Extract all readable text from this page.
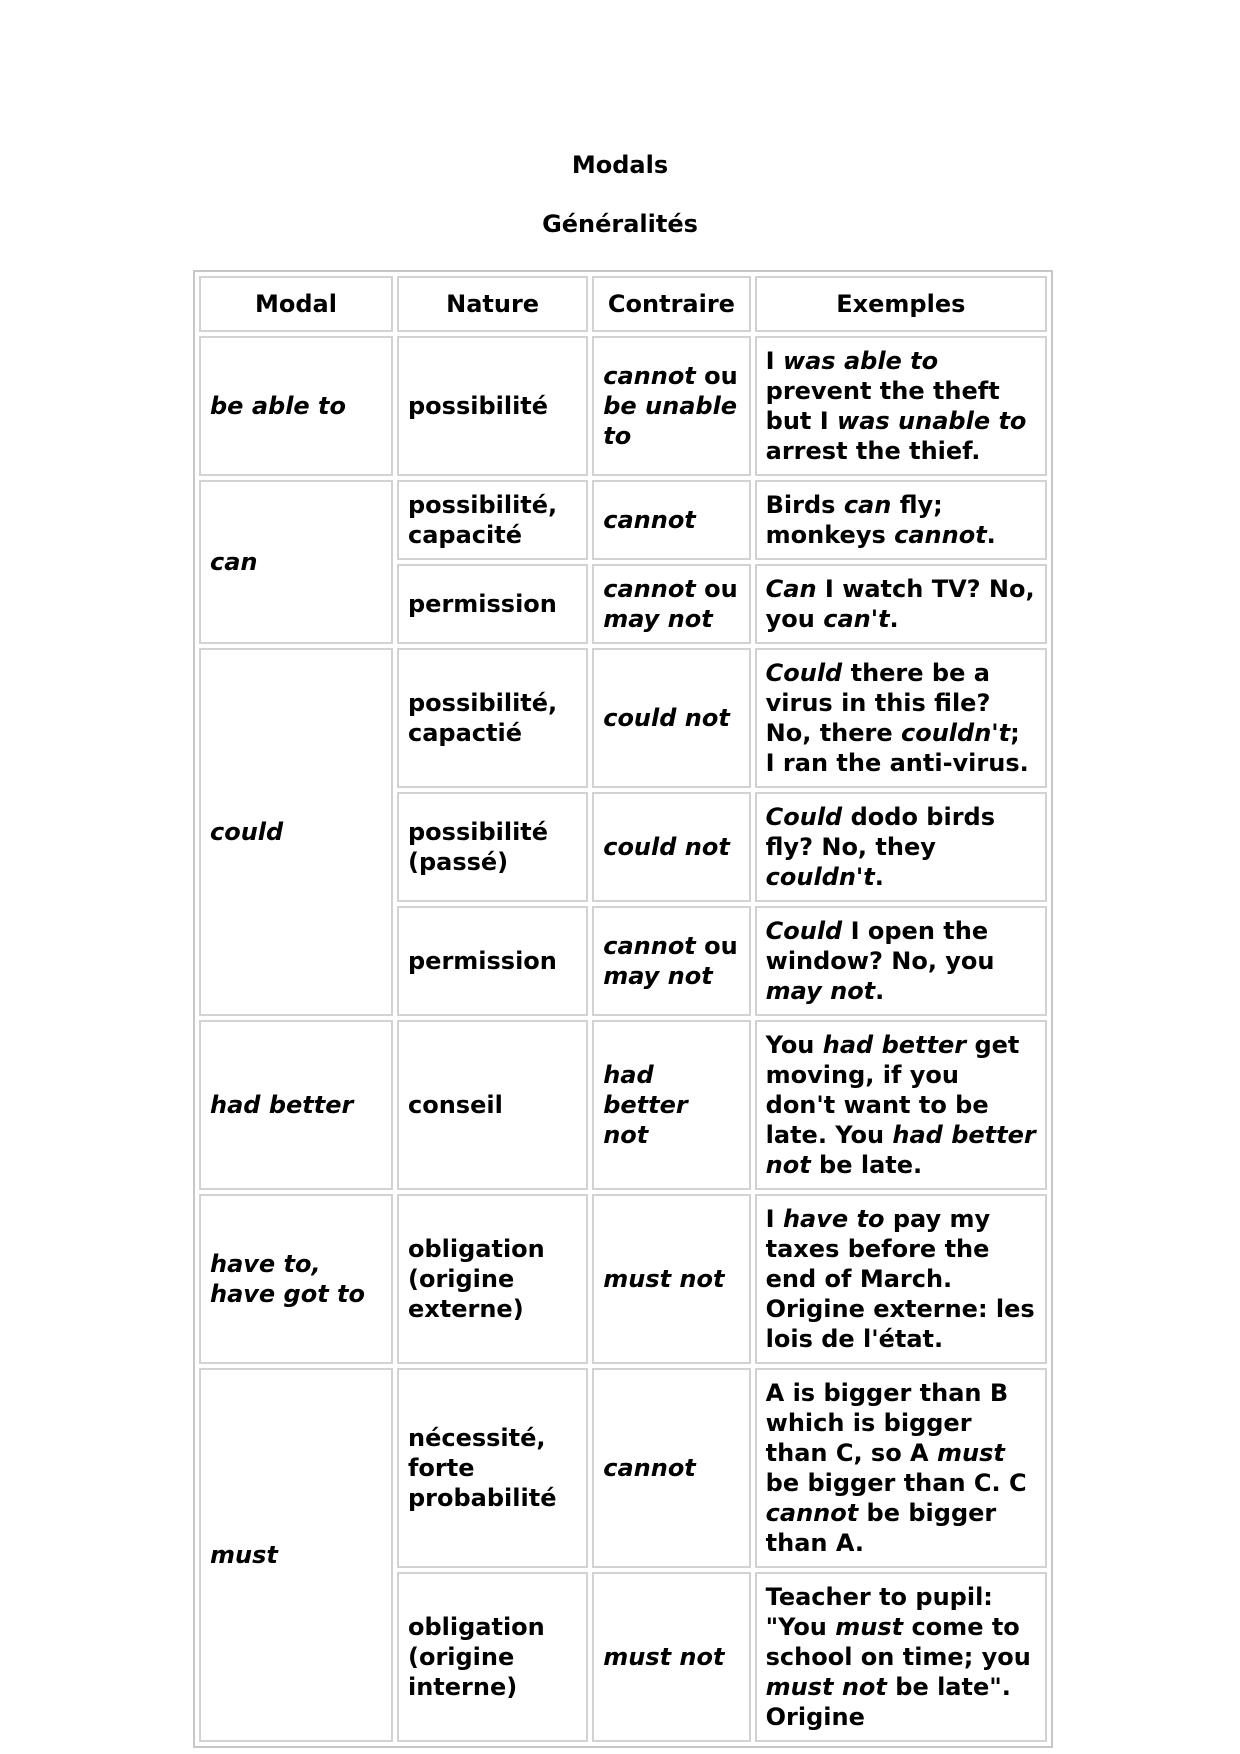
Modals
Généralités
Modal	Nature	Contraire	Exemples
be able to	possibilité	cannot ou be unable to	I was able to prevent the theft but I was unable to arrest the thief.
can	possibilité, capacité	cannot	Birds can fly; monkeys cannot.
	permission	cannot ou may not	Can I watch TV? No, you can't.
could	possibilité, capactié	could not	Could there be a virus in this file? No, there couldn't; I ran the anti-virus.
	possibilité (passé)	could not	Could dodo birds fly? No, they couldn't.
	permission	cannot ou may not	Could I open the window? No, you may not.
had better	conseil	had better not	You had better get moving, if you don't want to be late. You had better not be late.
have to, have got to	obligation (origine externe)	must not	I have to pay my taxes before the end of March. Origine externe: les lois de l'état.
must	nécessité, forte probabilité	cannot	A is bigger than B which is bigger than C, so A must be bigger than C. C cannot be bigger than A.
	obligation (origine interne)	must not	Teacher to pupil: "You must come to school on time; you must not be late". Origine
